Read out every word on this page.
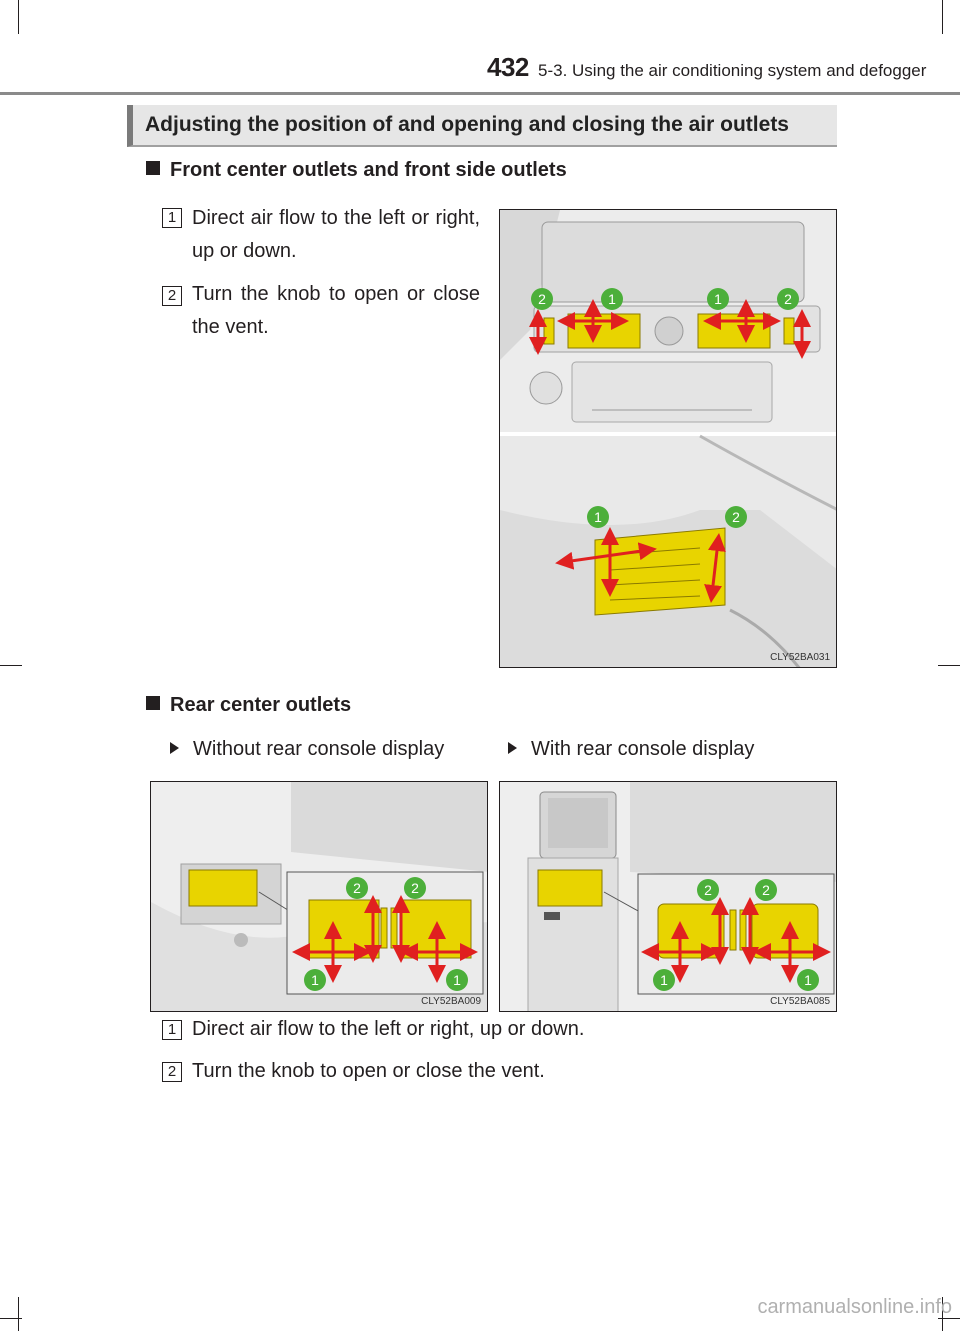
432 5-3. Using the air conditioning system and defogger
Adjusting the position of and opening and closing the air outlets
Front center outlets and front side outlets
1 Direct air flow to the left or right, up or down.
2 Turn the knob to open or close the vent.
2	1	1	2
1	2
CLY52BA031
Rear center outlets
Without rear console display	With rear console display
2	2
1	1
CLY52BA009
2	2
1	1
CLY52BA085
1 Direct air flow to the left or right, up or down.
2 Turn the knob to open or close the vent.
carmanualsonline.info
